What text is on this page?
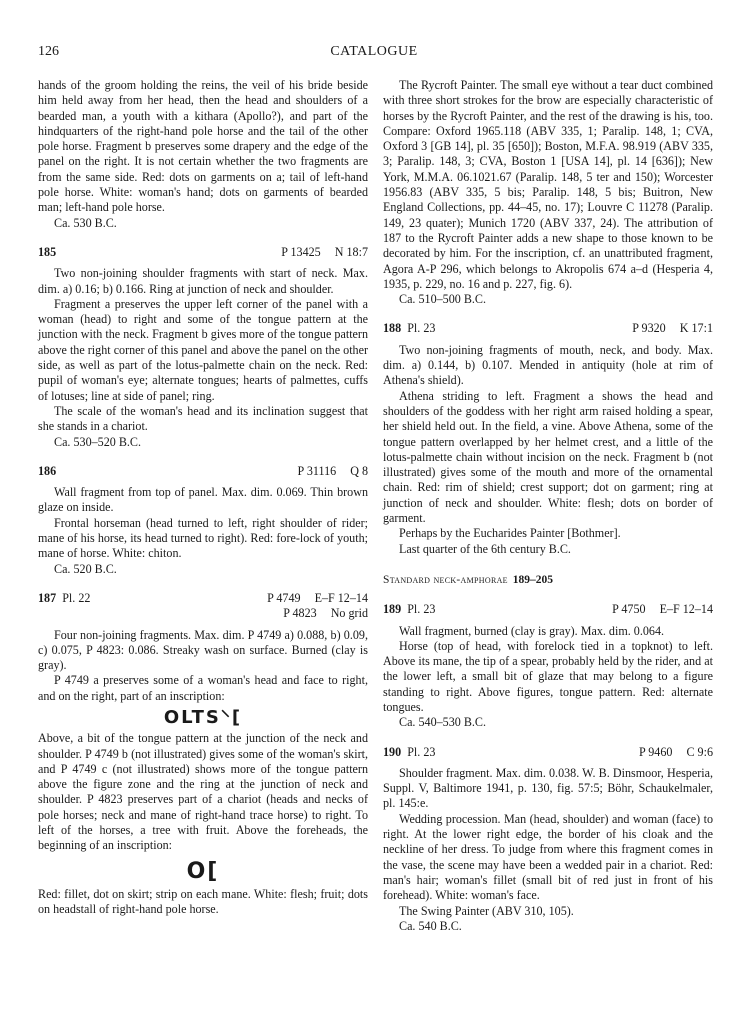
126	CATALOGUE

hands of the groom holding the reins, the veil of his bride beside him held away from her head, then the head and shoulders of a bearded man, a youth with a kithara (Apollo?), and part of the hindquarters of the right-hand pole horse and the tail of the other pole horse. Fragment b preserves some drapery and the edge of the panel on the right. It is not certain whether the two fragments are from the same side. Red: dots on garments on a; tail of left-hand pole horse. White: woman's hand; dots on garments of bearded man; left-hand pole horse.

Ca. 530 B.C.

185	P 13425 N 18:7

Two non-joining shoulder fragments with start of neck. Max. dim. a) 0.16; b) 0.166. Ring at junction of neck and shoulder.

Fragment a preserves the upper left corner of the panel with a woman (head) to right and some of the tongue pattern at the junction with the neck. Fragment b gives more of the tongue pattern above the right corner of this panel and above the panel on the other side, as well as part of the lotus-palmette chain on the neck. Red: pupil of woman's eye; alternate tongues; hearts of palmettes, cuffs of lotuses; line at side of panel; ring.

The scale of the woman's head and its inclination suggest that she stands in a chariot.

Ca. 530–520 B.C.

186	P 31116 Q 8

Wall fragment from top of panel. Max. dim. 0.069. Thin brown glaze on inside.

Frontal horseman (head turned to left, right shoulder of rider; mane of his horse, its head turned to right). Red: fore-lock of youth; mane of horse. White: chiton.

Ca. 520 B.C.

187 Pl. 22	P 4749 E–F 12–14
P 4823 No grid

Four non-joining fragments. Max. dim. P 4749 a) 0.088, b) 0.09, c) 0.075, P 4823: 0.086. Streaky wash on surface. Burned (clay is gray).

P 4749 a preserves some of a woman's head and face to right, and on the right, part of an inscription:

OLTS⸌[

Above, a bit of the tongue pattern at the junction of the neck and shoulder. P 4749 b (not illustrated) gives some of the woman's skirt, and P 4749 c (not illustrated) shows more of the tongue pattern above the figure zone and the ring at the junction of neck and shoulder. P 4823 preserves part of a chariot (heads and necks of pole horses; neck and mane of right-hand trace horse) to right. To left of the horses, a tree with fruit. Above the foreheads, the beginning of an inscription:

O[

Red: fillet, dot on skirt; strip on each mane. White: flesh; fruit; dots on headstall of right-hand pole horse.

The Rycroft Painter. The small eye without a tear duct combined with three short strokes for the brow are especially characteristic of horses by the Rycroft Painter, and the rest of the drawing is his, too. Compare: Oxford 1965.118 (ABV 335, 1; Paralip. 148, 1; CVA, Oxford 3 [GB 14], pl. 35 [650]); Boston, M.F.A. 98.919 (ABV 335, 3; Paralip. 148, 3; CVA, Boston 1 [USA 14], pl. 14 [636]); New York, M.M.A. 06.1021.67 (Paralip. 148, 5 ter and 150); Worcester 1956.83 (ABV 335, 5 bis; Paralip. 148, 5 bis; Buitron, New England Collections, pp. 44–45, no. 17); Louvre C 11278 (Paralip. 149, 23 quater); Munich 1720 (ABV 337, 24). The attribution of 187 to the Rycroft Painter adds a new shape to those known to be decorated by him. For the inscription, cf. an unattributed fragment, Agora A-P 296, which belongs to Akropolis 674 a–d (Hesperia 4, 1935, p. 229, no. 16 and p. 227, fig. 6).

Ca. 510–500 B.C.

188 Pl. 23	P 9320 K 17:1

Two non-joining fragments of mouth, neck, and body. Max. dim. a) 0.144, b) 0.107. Mended in antiquity (hole at rim of Athena's shield).

Athena striding to left. Fragment a shows the head and shoulders of the goddess with her right arm raised holding a spear, her shield held out. In the field, a vine. Above Athena, some of the tongue pattern overlapped by her helmet crest, and a little of the lotus-palmette chain without incision on the neck. Fragment b (not illustrated) gives some of the mouth and more of the ornamental chain. Red: rim of shield; crest support; dot on garment; ring at junction of neck and shoulder. White: flesh; dots on border of garment.

Perhaps by the Eucharides Painter [Bothmer].

Last quarter of the 6th century B.C.

Standard neck-amphorae 189–205
189 Pl. 23	P 4750 E–F 12–14

Wall fragment, burned (clay is gray). Max. dim. 0.064.

Horse (top of head, with forelock tied in a topknot) to left. Above its mane, the tip of a spear, probably held by the rider, and at the lower left, a small bit of glaze that may belong to a figure standing to right. Above figures, tongue pattern. Red: alternate tongues.

Ca. 540–530 B.C.

190 Pl. 23	P 9460 C 9:6

Shoulder fragment. Max. dim. 0.038. W. B. Dinsmoor, Hesperia, Suppl. V, Baltimore 1941, p. 130, fig. 57:5; Böhr, Schaukelmaler, pl. 145:e.

Wedding procession. Man (head, shoulder) and woman (face) to right. At the lower right edge, the border of his cloak and the neckline of her dress. To judge from where this fragment comes in the vase, the scene may have been a wedded pair in a chariot. Red: man's hair; woman's fillet (small bit of red just in front of his forehead). White: woman's face.

The Swing Painter (ABV 310, 105).

Ca. 540 B.C.
